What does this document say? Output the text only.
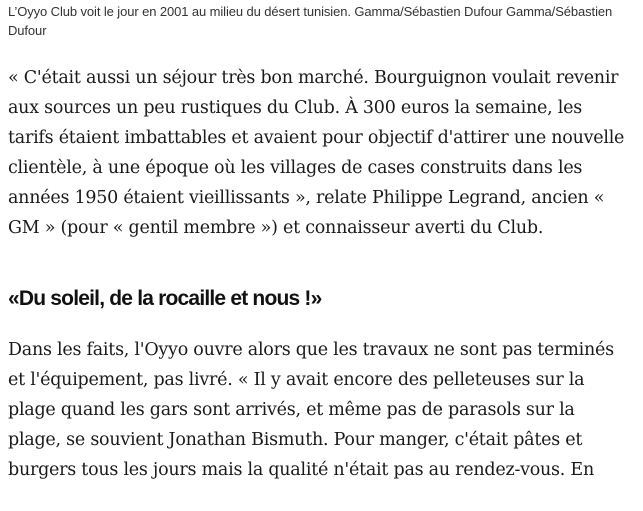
L’Oyyo Club voit le jour en 2001 au milieu du désert tunisien. Gamma/Sébastien Dufour Gamma/Sébastien Dufour

« C'était aussi un séjour très bon marché. Bourguignon voulait revenir aux sources un peu rustiques du Club. À 300 euros la semaine, les tarifs étaient imbattables et avaient pour objectif d'attirer une nouvelle clientèle, à une époque où les villages de cases construits dans les années 1950 étaient vieillissants », relate Philippe Legrand, ancien « GM » (pour « gentil membre ») et connaisseur averti du Club.

«Du soleil, de la rocaille et nous !»

Dans les faits, l'Oyyo ouvre alors que les travaux ne sont pas terminés et l'équipement, pas livré. « Il y avait encore des pelleteuses sur la plage quand les gars sont arrivés, et même pas de parasols sur la plage, se souvient Jonathan Bismuth. Pour manger, c'était pâtes et burgers tous les jours mais la qualité n'était pas au rendez-vous. En
